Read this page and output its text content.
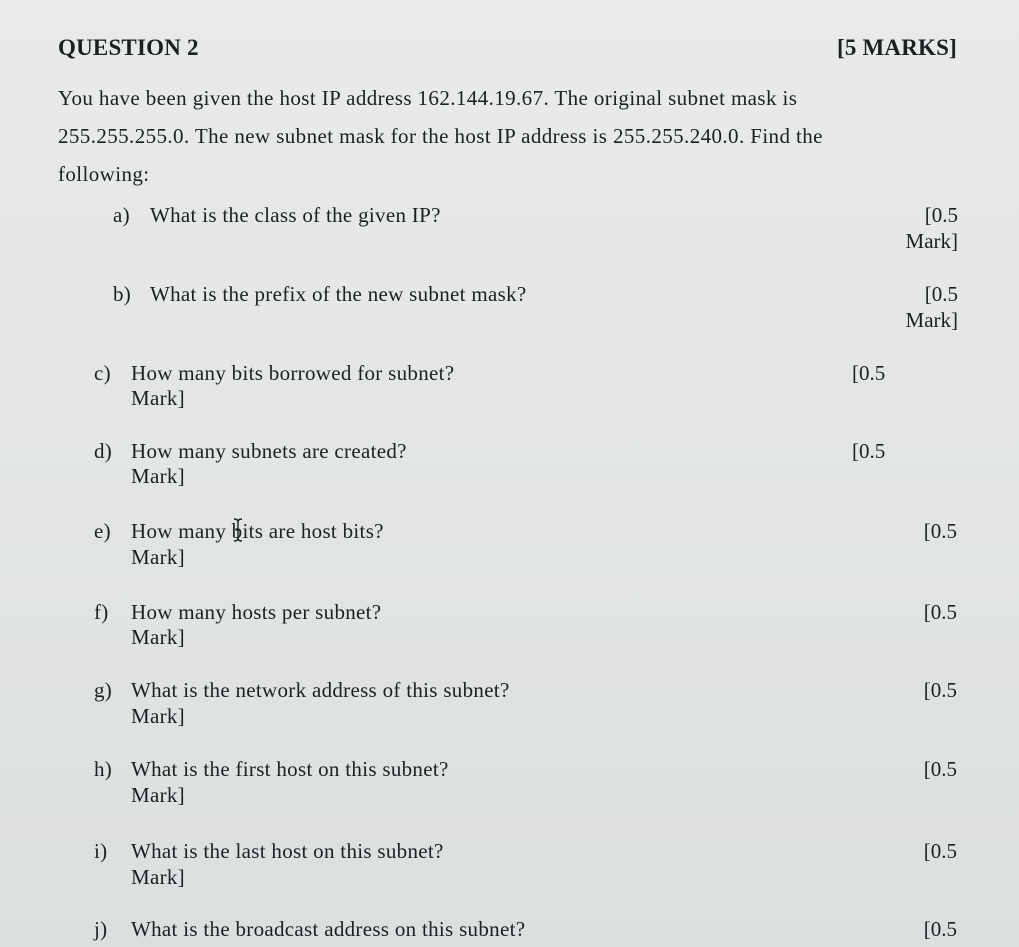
QUESTION 2	[5 MARKS]
You have been given the host IP address 162.144.19.67. The original subnet mask is
255.255.255.0. The new subnet mask for the host IP address is 255.255.240.0. Find the
following:
a) What is the class of the given IP?	[0.5
Mark]
b) What is the prefix of the new subnet mask?	[0.5
Mark]
c) How many bits borrowed for subnet?	[0.5
Mark]
d) How many subnets are created?	[0.5
Mark]
e) How many bits are host bits?	[0.5
Mark]
f) How many hosts per subnet?	[0.5
Mark]
g) What is the network address of this subnet?	[0.5
Mark]
h) What is the first host on this subnet?	[0.5
Mark]
i) What is the last host on this subnet?	[0.5
Mark]
j) What is the broadcast address on this subnet?	[0.5
